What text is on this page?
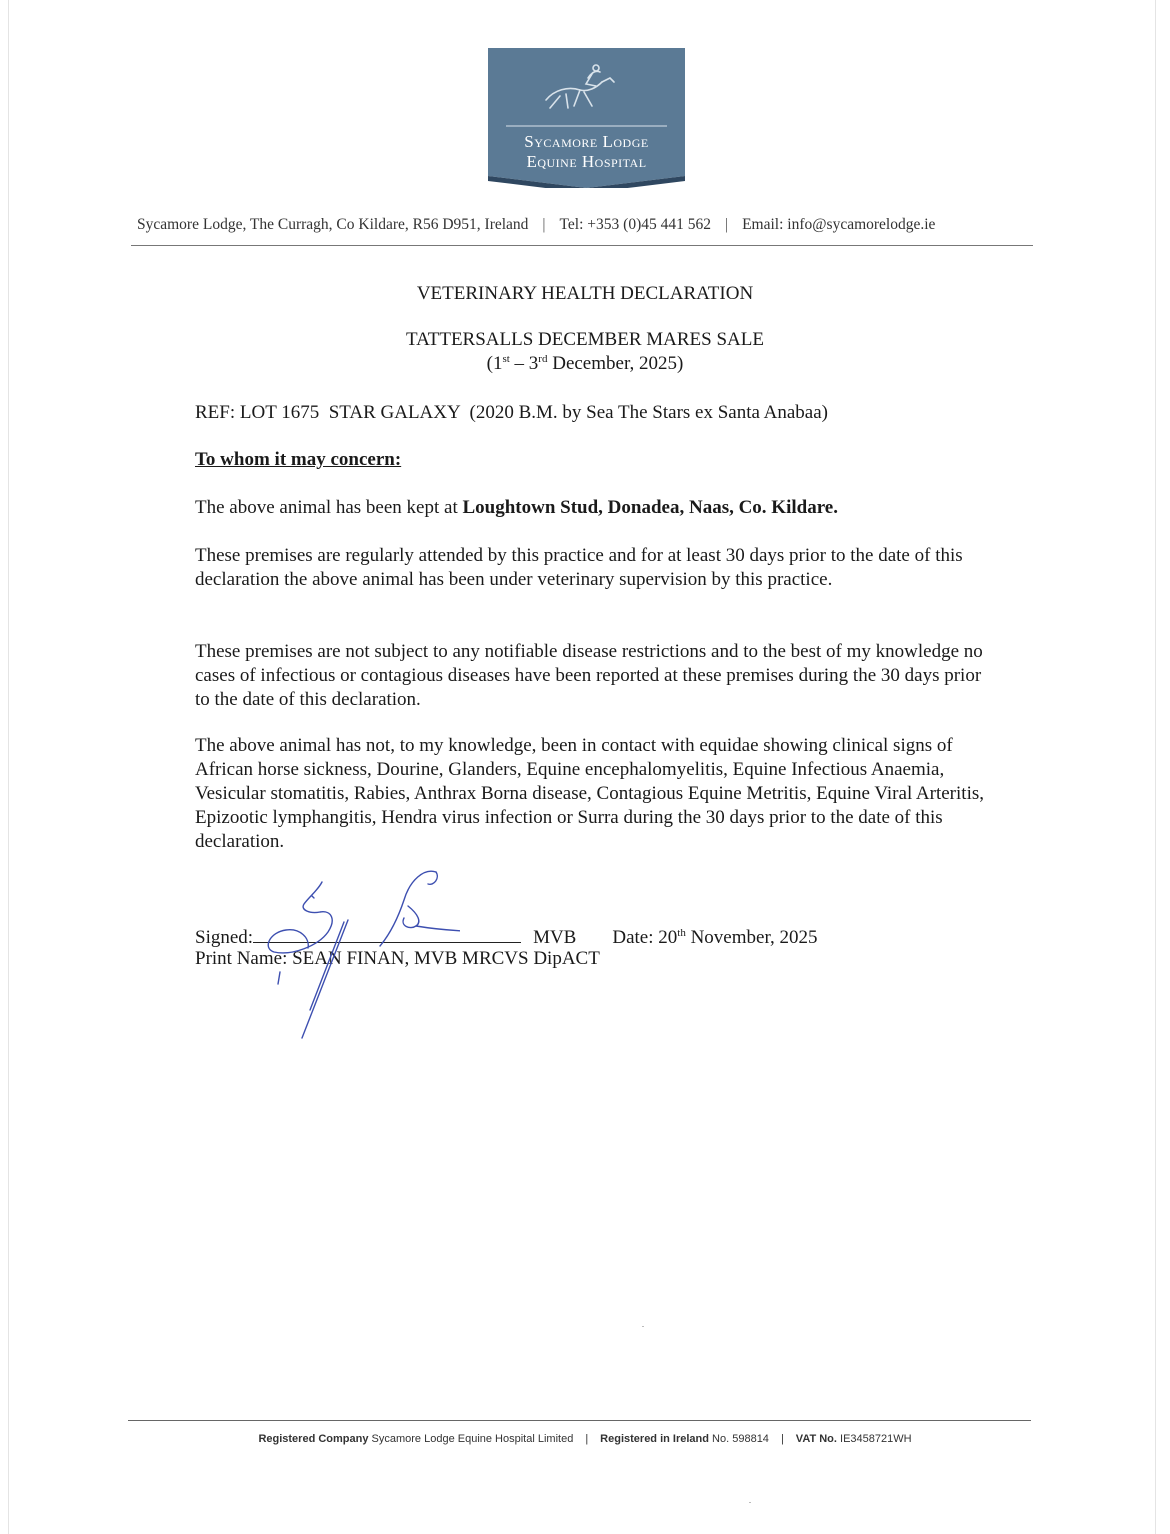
Sycamore Lodge
Equine Hospital
Sycamore Lodge, The Curragh, Co Kildare, R56 D951, Ireland | Tel: +353 (0)45 441 562 | Email: info@sycamorelodge.ie
VETERINARY HEALTH DECLARATION
TATTERSALLS DECEMBER MARES SALE
(1st – 3rd December, 2025)
REF: LOT 1675  STAR GALAXY  (2020 B.M. by Sea The Stars ex Santa Anabaa)
To whom it may concern:
The above animal has been kept at Loughtown Stud, Donadea, Naas, Co. Kildare.
These premises are regularly attended by this practice and for at least 30 days prior to the date of this declaration the above animal has been under veterinary supervision by this practice.
These premises are not subject to any notifiable disease restrictions and to the best of my knowledge no cases of infectious or contagious diseases have been reported at these premises during the 30 days prior to the date of this declaration.
The above animal has not, to my knowledge, been in contact with equidae showing clinical signs of African horse sickness, Dourine, Glanders, Equine encephalomyelitis, Equine Infectious Anaemia, Vesicular stomatitis, Rabies, Anthrax Borna disease, Contagious Equine Metritis, Equine Viral Arteritis, Epizootic lymphangitis, Hendra virus infection or Surra during the 30 days prior to the date of this declaration.
Signed:	MVB Date: 20th November, 2025
Print Name: SEAN FINAN, MVB MRCVS DipACT
Registered Company Sycamore Lodge Equine Hospital Limited | Registered in Ireland No. 598814 | VAT No. IE3458721WH
